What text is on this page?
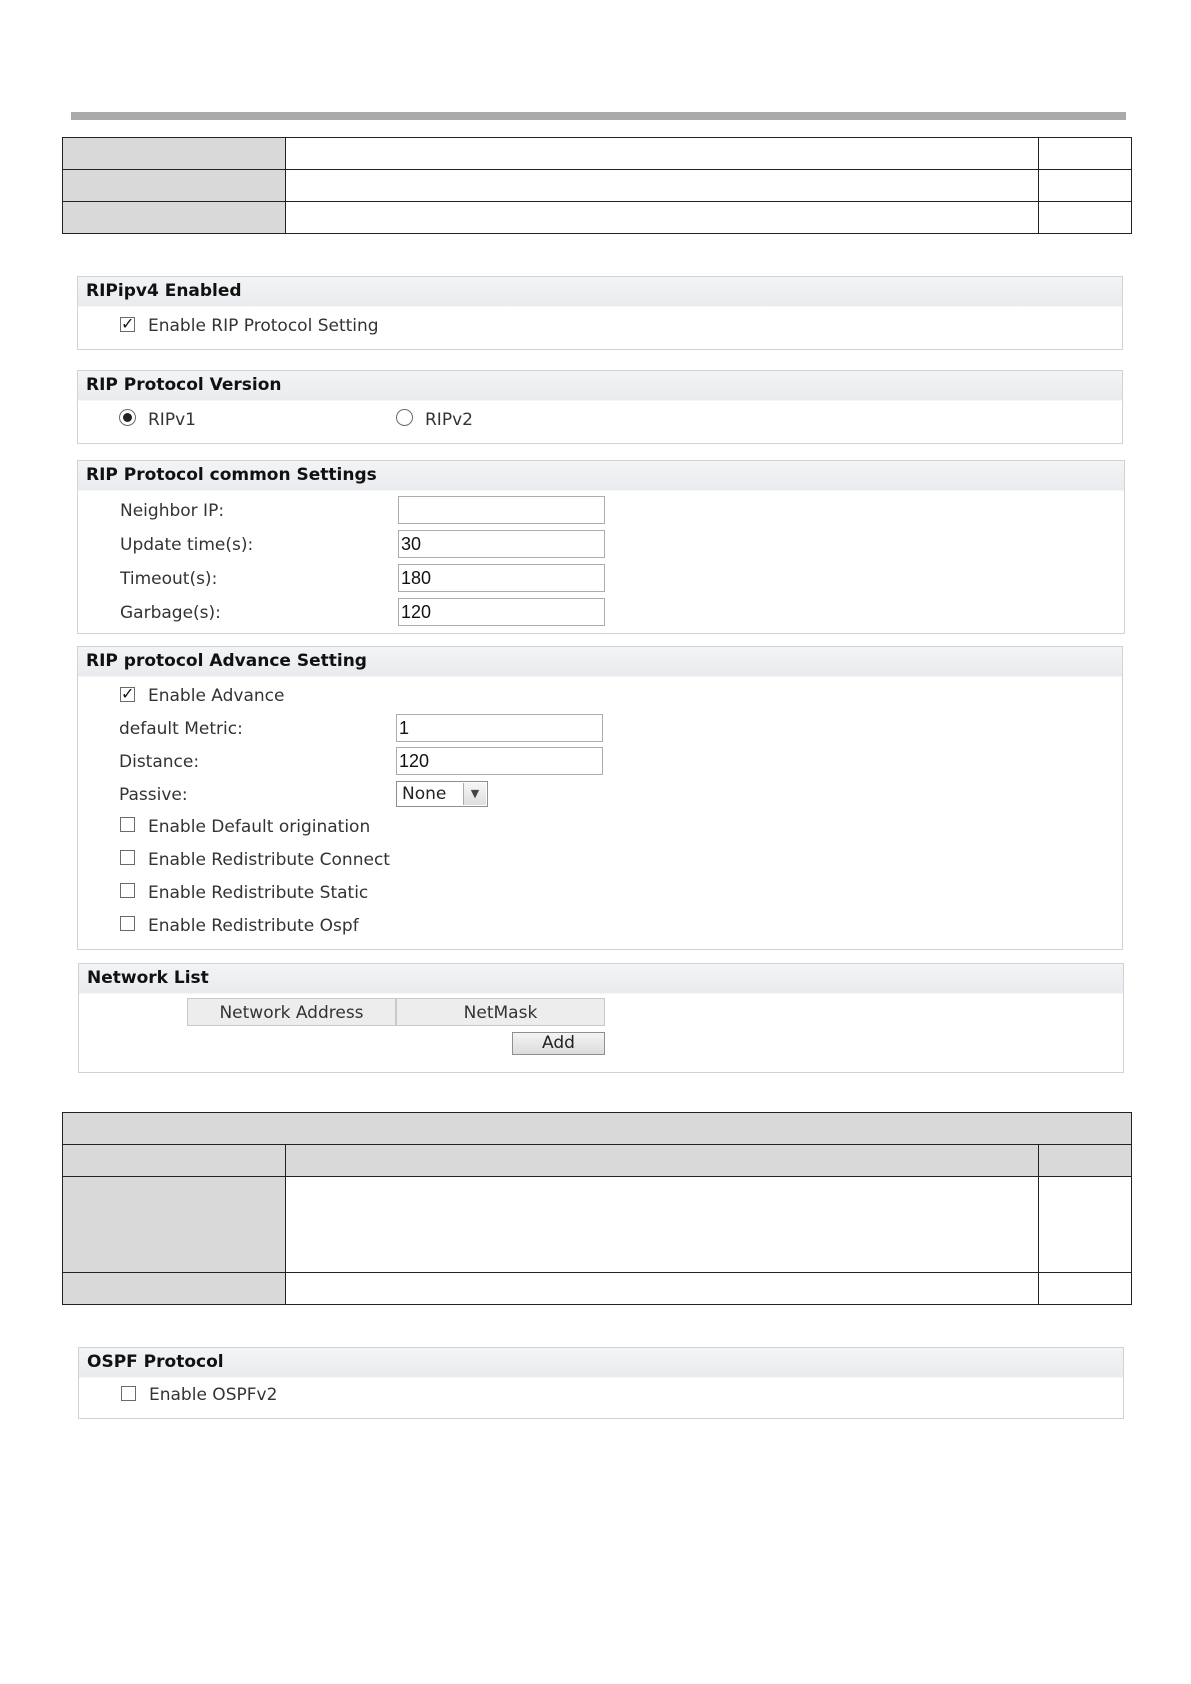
RIPipv4 Enabled
✓ Enable RIP Protocol Setting
RIP Protocol Version
RIPv1	RIPv2
RIP Protocol common Settings
Neighbor IP:
Update time(s):	30
Timeout(s):	180
Garbage(s):	120
RIP protocol Advance Setting
✓ Enable Advance
default Metric:	1
Distance:	120
Passive:	None	▼
Enable Default origination
Enable Redistribute Connect
Enable Redistribute Static
Enable Redistribute Ospf
Network List
Network Address	NetMask
Add

OSPF Protocol
Enable OSPFv2
